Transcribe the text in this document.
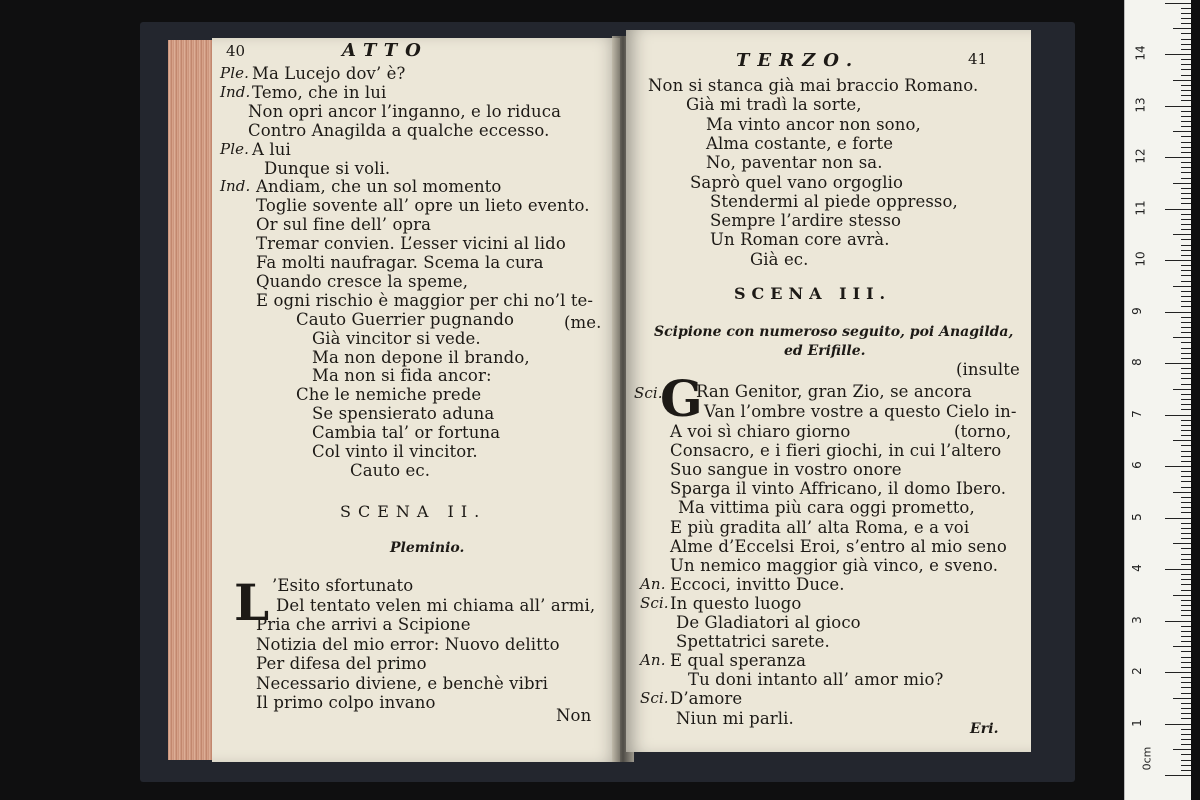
40	ATTO
Ple. Ma Lucejo dov’ è?
Ind. Temo, che in lui
Non opri ancor l’inganno, e lo riduca
Contro Anagilda a qualche eccesso.
Ple. A lui
Dunque si voli.
Ind. Andiam, che un sol momento
Toglie sovente all’ opre un lieto evento.
Or sul fine dell’ opra
Tremar convien. L’esser vicini al lido
Fa molti naufragar. Scema la cura
Quando cresce la speme,
E ogni rischio è maggior per chi no’l te-
Cauto Guerrier pugnando
Già vincitor si vede.
Ma non depone il brando,
Ma non si fida ancor:
Che le nemiche prede
Se spensierato aduna
Cambia tal’ or fortuna
Col vinto il vincitor.
Cauto ec.
(me.
SCENA II.
Pleminio.
L ’Esito sfortunato
Del tentato velen mi chiama all’ armi,
Pria che arrivi a Scipione
Notizia del mio error: Nuovo delitto
Per difesa del primo
Necessario diviene, e benchè vibri
Il primo colpo invano
Non
TERZO.	41
Non si stanca già mai braccio Romano.
Già mi tradì la sorte,
Ma vinto ancor non sono,
Alma costante, e forte
No, paventar non sa.
Saprò quel vano orgoglio
Stendermi al piede oppresso,
Sempre l’ardire stesso
Un Roman core avrà.
Già ec.
SCENA III.
Scipione con numeroso seguito, poi Anagilda,
ed Erifille.
(insulte
Sci.
G
Ran Genitor, gran Zio, se ancora
Van l’ombre vostre a questo Cielo in-
(torno,
A voi sì chiaro giorno
Consacro, e i fieri giochi, in cui l’altero
Suo sangue in vostro onore
Sparga il vinto Affricano, il domo Ibero.
Ma vittima più cara oggi prometto,
E più gradita all’ alta Roma, e a voi
Alme d’Eccelsi Eroi, s’entro al mio seno
Un nemico maggior già vinco, e sveno.
An. Eccoci, invitto Duce.
Sci. In questo luogo
De Gladiatori al gioco
Spettatrici sarete.
An. E qual speranza
Tu doni intanto all’ amor mio?
Sci. D’amore
Niun mi parli.
Eri.
0cm
1
2
3
4
5
6
7
8
9
10
11
12
13
14
